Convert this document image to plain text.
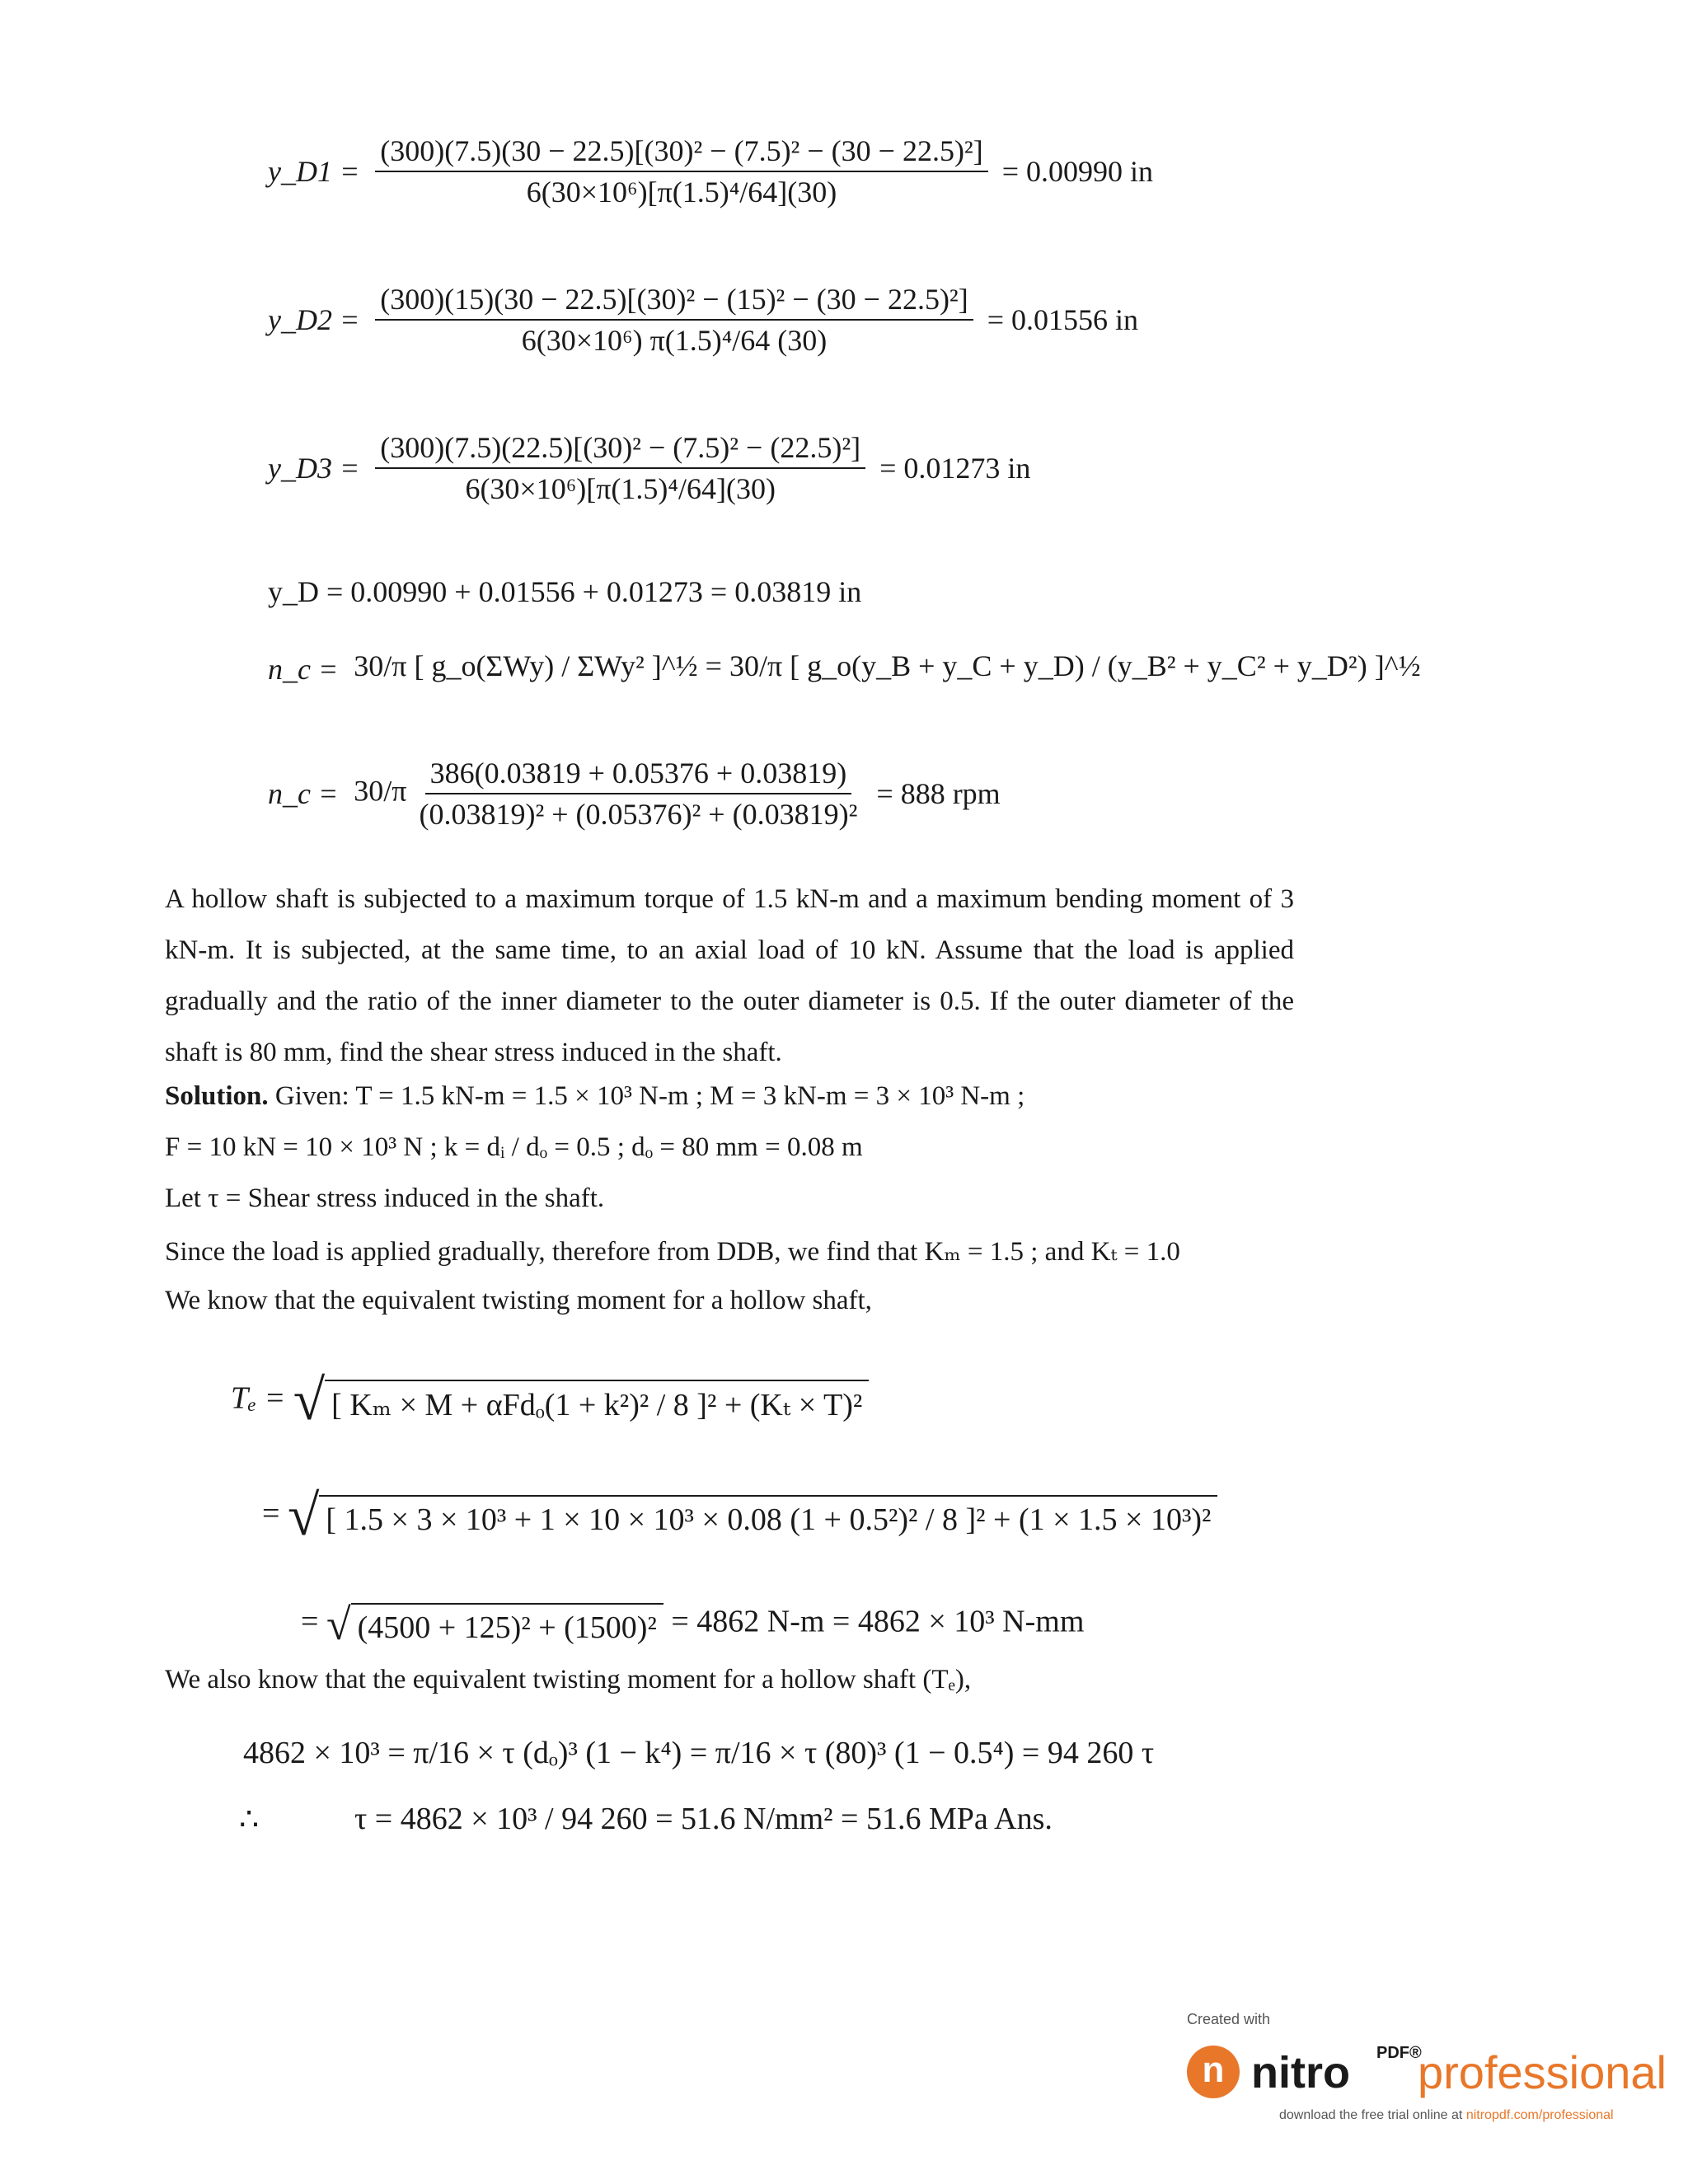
y_D1 = $\frac{\text{(300)(7.5)(30 − 22.5)[(30)² − (7.5)² − (30 − 22.5)²]}}{\text{6(30×10⁶)[π(1.5)⁴/64](30)}} = 0.00990$ in
y_D2 = $\frac{\text{(300)(15)(30 − 22.5)[(30)² − (15)² − (30 − 22.5)²]}}{\text{6(30×10⁶) π(1.5)⁴/64 (30)}} = 0.01556$ in
y_D3 = $\frac{\text{(300)(7.5)(22.5)[(30)² − (7.5)² − (22.5)²]}}{\text{6(30×10⁶)[π(1.5)⁴/64](30)}} = 0.01273$ in
y_D = 0.00990 + 0.01556 + 0.01273 = 0.03819 in
n_c = 30/π [ g_o(ΣWy) / ΣWy² ]^½ = 30/π [ g_o(y_B + y_C + y_D) / (y_B² + y_C² + y_D²) ]^½
n_c = $30/\pi \frac{386(0.03819 + 0.05376 + 0.03819)}{\text{(0.03819)² + (0.05376)² + (0.03819)²}} = 888$ rpm
A hollow shaft is subjected to a maximum torque of 1.5 kN-m and a maximum bending moment of 3 kN-m. It is subjected, at the same time, to an axial load of 10 kN. Assume that the load is applied gradually and the ratio of the inner diameter to the outer diameter is 0.5. If the outer diameter of the shaft is 80 mm, find the shear stress induced in the shaft.
Solution. Given: T = 1.5 kN-m = 1.5 × 10³ N-m ; M = 3 kN-m = 3 × 10³ N-m ;
F = 10 kN = 10 × 10³ N ; k = dᵢ / dₒ = 0.5 ; dₒ = 80 mm = 0.08 m
Let τ = Shear stress induced in the shaft.
Since the load is applied gradually, therefore from DDB, we find that Kₘ = 1.5 ; and Kₜ = 1.0
We know that the equivalent twisting moment for a hollow shaft,
Tₑ = √ [ Kₘ × M + αFdₒ(1 + k²)² / 8 ]² + (Kₜ × T)²
= √ [ 1.5 × 3 × 10³ + 1 × 10 × 10³ × 0.08 (1 + 0.5²)² / 8 ]² + (1 × 1.5 × 10³)²
= √ (4500 + 125)² + (1500)² = 4862 N-m = 4862 × 10³ N-mm
We also know that the equivalent twisting moment for a hollow shaft (Tₑ),
4862 × 10³ = π/16 × τ (dₒ)³ (1 − k⁴) = π/16 × τ (80)³ (1 − 0.5⁴) = 94 260 τ
∴	τ = 4862 × 10³ / 94 260 = 51.6 N/mm² = 51.6 MPa Ans.
Created with
n nitro PDF®
professional
download the free trial online at nitropdf.com/professional
